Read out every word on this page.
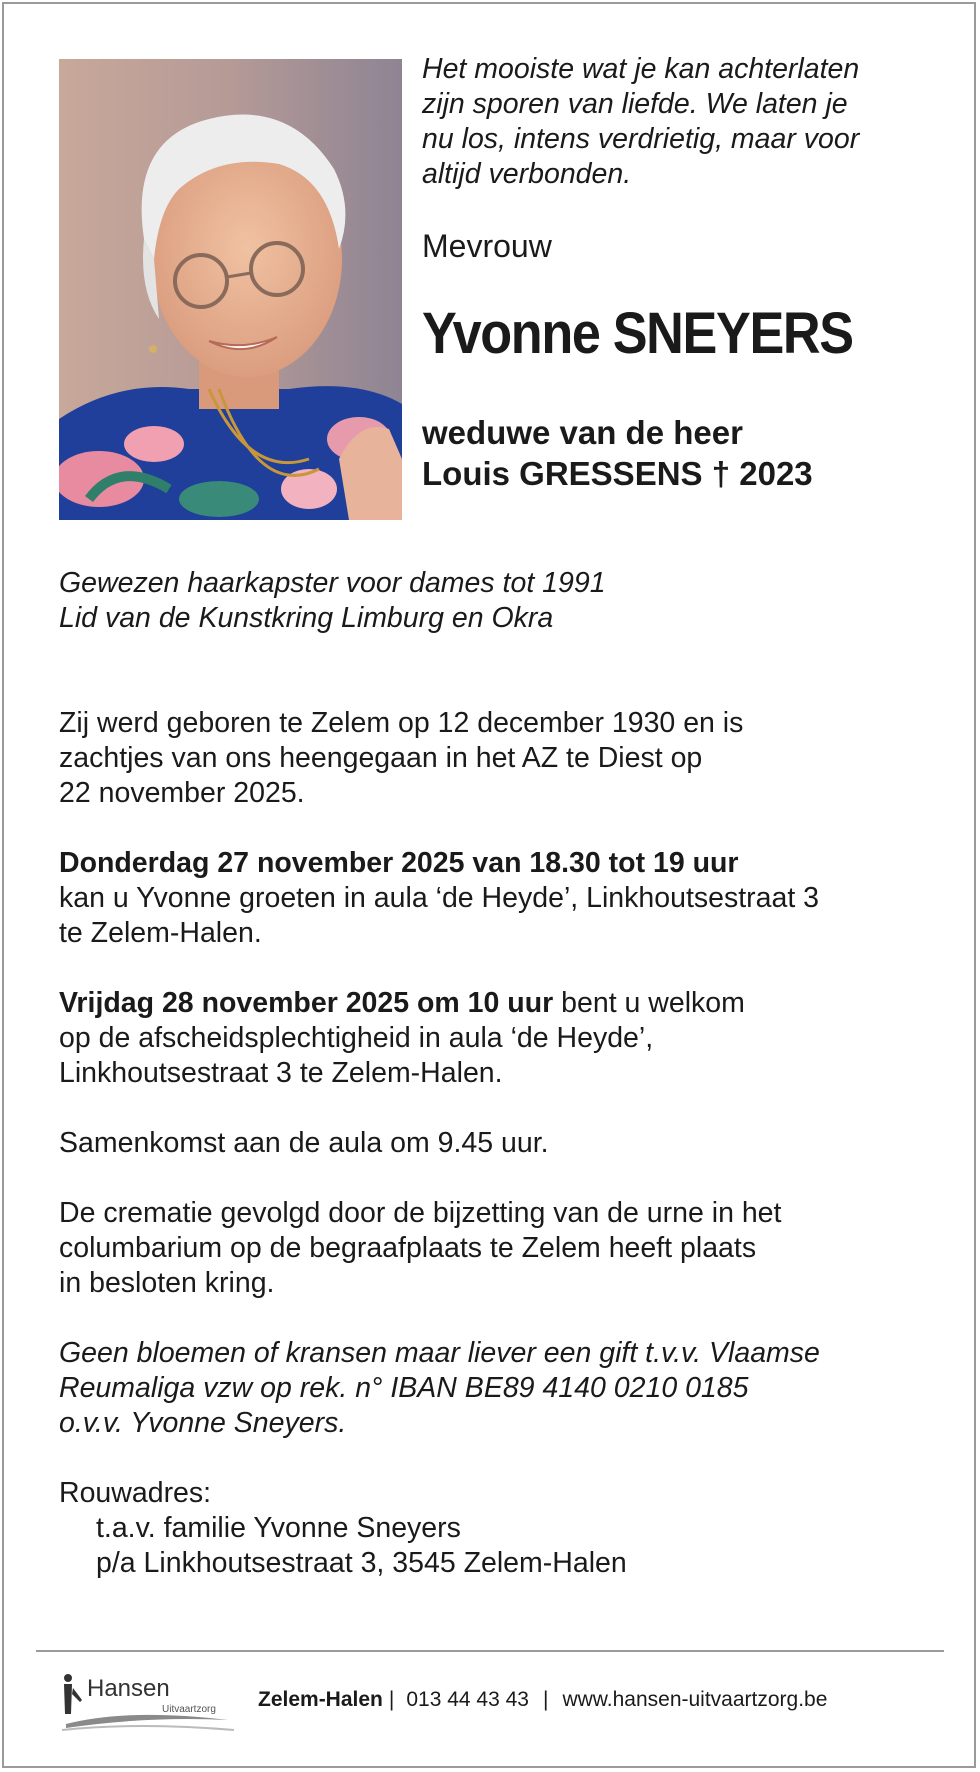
Het mooiste wat je kan achterlaten
zijn sporen van liefde. We laten je
nu los, intens verdrietig, maar voor
altijd verbonden.
Mevrouw
Yvonne SNEYERS
weduwe van de heer
Louis GRESSENS † 2023
Gewezen haarkapster voor dames tot 1991
Lid van de Kunstkring Limburg en Okra
Zij werd geboren te Zelem op 12 december 1930 en is
zachtjes van ons heengegaan in het AZ te Diest op
22 november 2025.
Donderdag 27 november 2025 van 18.30 tot 19 uur
kan u Yvonne groeten in aula ‘de Heyde’, Linkhoutsestraat 3
te Zelem-Halen.
Vrijdag 28 november 2025 om 10 uur bent u welkom
op de afscheidsplechtigheid in aula ‘de Heyde’,
Linkhoutsestraat 3 te Zelem-Halen.
Samenkomst aan de aula om 9.45 uur.
De crematie gevolgd door de bijzetting van de urne in het
columbarium op de begraafplaats te Zelem heeft plaats
in besloten kring.
Geen bloemen of kransen maar liever een gift t.v.v. Vlaamse
Reumaliga vzw op rek. n° IBAN BE89 4140 0210 0185
o.v.v. Yvonne Sneyers.
Rouwadres:
t.a.v. familie Yvonne Sneyers
p/a Linkhoutsestraat 3, 3545 Zelem-Halen
Hansen
Uitvaartzorg Zelem-Halen | 013 44 43 43 | www.hansen-uitvaartzorg.be
